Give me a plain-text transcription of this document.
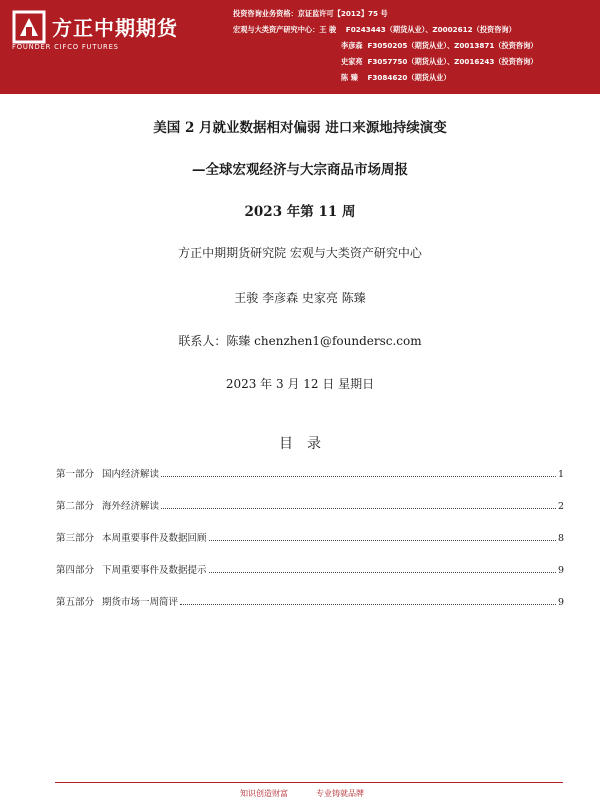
方正中期期货
FOUNDER CIFCO FUTURES
投资咨询业务资格：京证监许可【2012】75 号
宏观与大类资产研究中心：王 骏 F0243443（期货从业）、Z0002612（投资咨询）
李彦森 F3050205（期货从业）、Z0013871（投资咨询）
史家亮 F3057750（期货从业）、Z0016243（投资咨询）
陈 臻 F3084620（期货从业）
美国 2 月就业数据相对偏弱 进口来源地持续演变
—全球宏观经济与大宗商品市场周报
2023 年第 11 周
方正中期期货研究院 宏观与大类资产研究中心
王骏 李彦森 史家亮 陈臻
联系人：陈臻 chenzhen1@foundersc.com
2023 年 3 月 12 日 星期日
目录
第一部分 国内经济解读	1
第二部分 海外经济解读	2
第三部分 本周重要事件及数据回顾	8
第四部分 下周重要事件及数据提示	9
第五部分 期货市场一周简评	9
知识创造财富	专业铸就品牌
